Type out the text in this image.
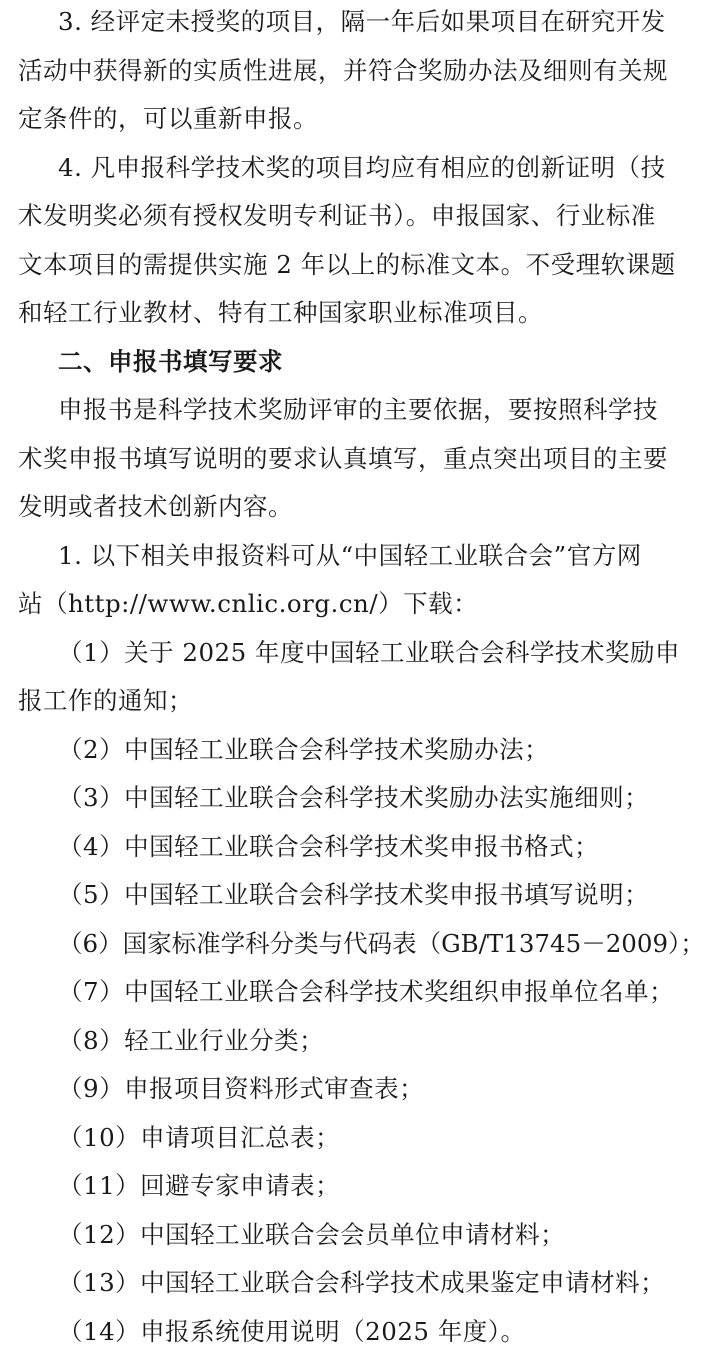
3. 经评定未授奖的项目，隔一年后如果项目在研究开发
活动中获得新的实质性进展，并符合奖励办法及细则有关规
定条件的，可以重新申报。
4. 凡申报科学技术奖的项目均应有相应的创新证明（技
术发明奖必须有授权发明专利证书）。申报国家、行业标准
文本项目的需提供实施 2 年以上的标准文本。不受理软课题
和轻工行业教材、特有工种国家职业标准项目。
二、申报书填写要求
申报书是科学技术奖励评审的主要依据，要按照科学技
术奖申报书填写说明的要求认真填写，重点突出项目的主要
发明或者技术创新内容。
1. 以下相关申报资料可从“中国轻工业联合会”官方网
站（http://www.cnlic.org.cn/）下载：
（1）关于 2025 年度中国轻工业联合会科学技术奖励申
报工作的通知；
（2）中国轻工业联合会科学技术奖励办法；
（3）中国轻工业联合会科学技术奖励办法实施细则；
（4）中国轻工业联合会科学技术奖申报书格式；
（5）中国轻工业联合会科学技术奖申报书填写说明；
（6）国家标准学科分类与代码表（GB/T13745－2009）；
（7）中国轻工业联合会科学技术奖组织申报单位名单；
（8）轻工业行业分类；
（9）申报项目资料形式审查表；
（10）申请项目汇总表；
（11）回避专家申请表；
（12）中国轻工业联合会会员单位申请材料；
（13）中国轻工业联合会科学技术成果鉴定申请材料；
（14）申报系统使用说明（2025 年度）。
